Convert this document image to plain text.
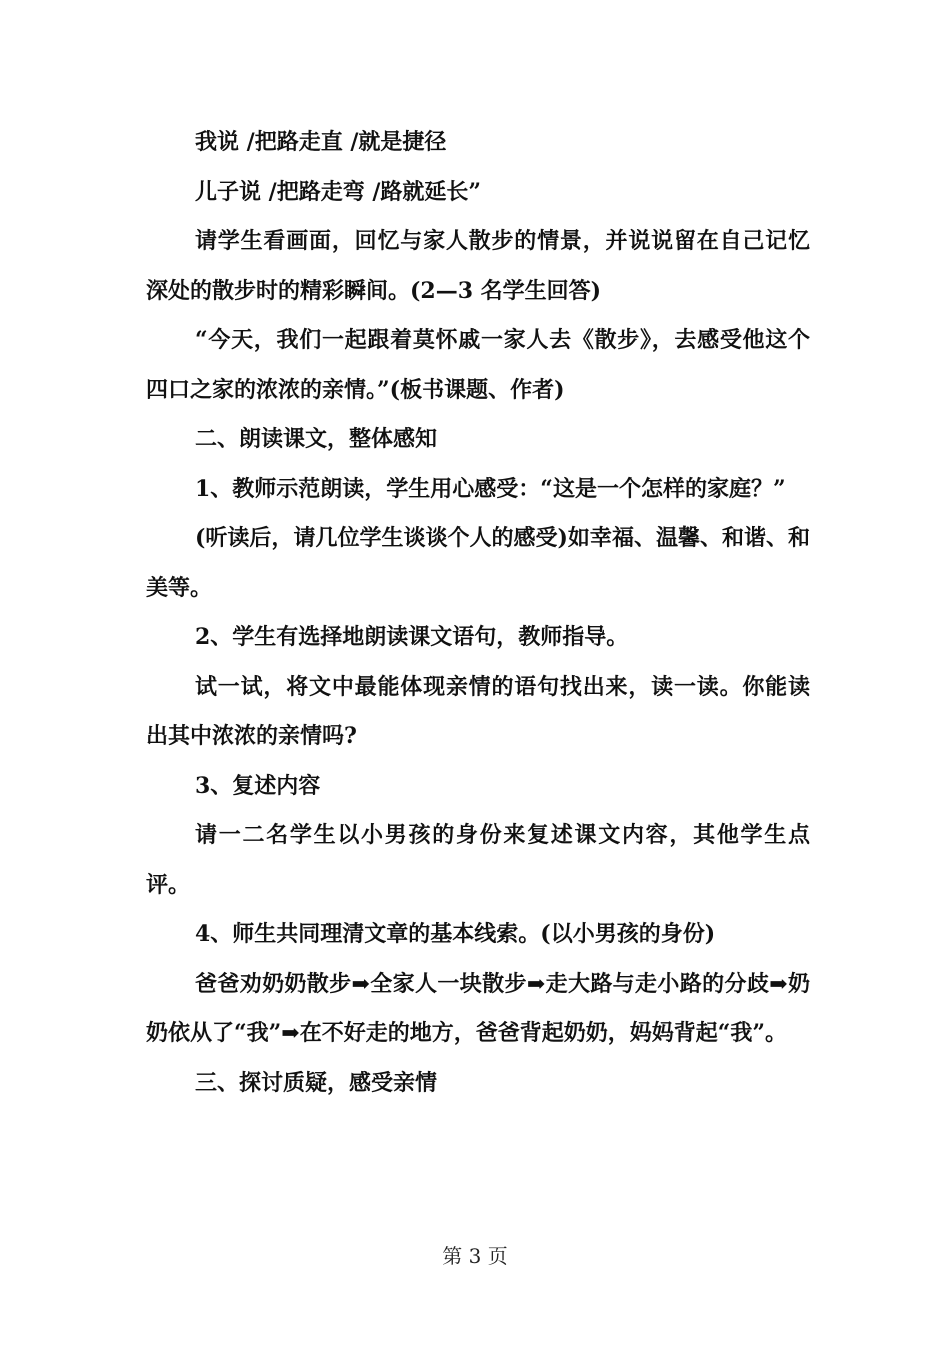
我说 /把路走直 /就是捷径

儿子说 /把路走弯 /路就延长”

请学生看画面，回忆与家人散步的情景，并说说留在自己记忆深处的散步时的精彩瞬间。(2—3 名学生回答)

“今天，我们一起跟着莫怀戚一家人去《散步》，去感受他这个四口之家的浓浓的亲情。”(板书课题、作者)

二、朗读课文，整体感知

1、教师示范朗读，学生用心感受：“这是一个怎样的家庭？”

(听读后，请几位学生谈谈个人的感受)如幸福、温馨、和谐、和美等。

2、学生有选择地朗读课文语句，教师指导。

试一试，将文中最能体现亲情的语句找出来，读一读。你能读出其中浓浓的亲情吗?

3、复述内容

请一二名学生以小男孩的身份来复述课文内容，其他学生点评。

4、师生共同理清文章的基本线索。(以小男孩的身份)

爸爸劝奶奶散步➡全家人一块散步➡走大路与走小路的分歧➡奶奶依从了“我”➡在不好走的地方，爸爸背起奶奶，妈妈背起“我”。

三、探讨质疑，感受亲情

第 3 页
